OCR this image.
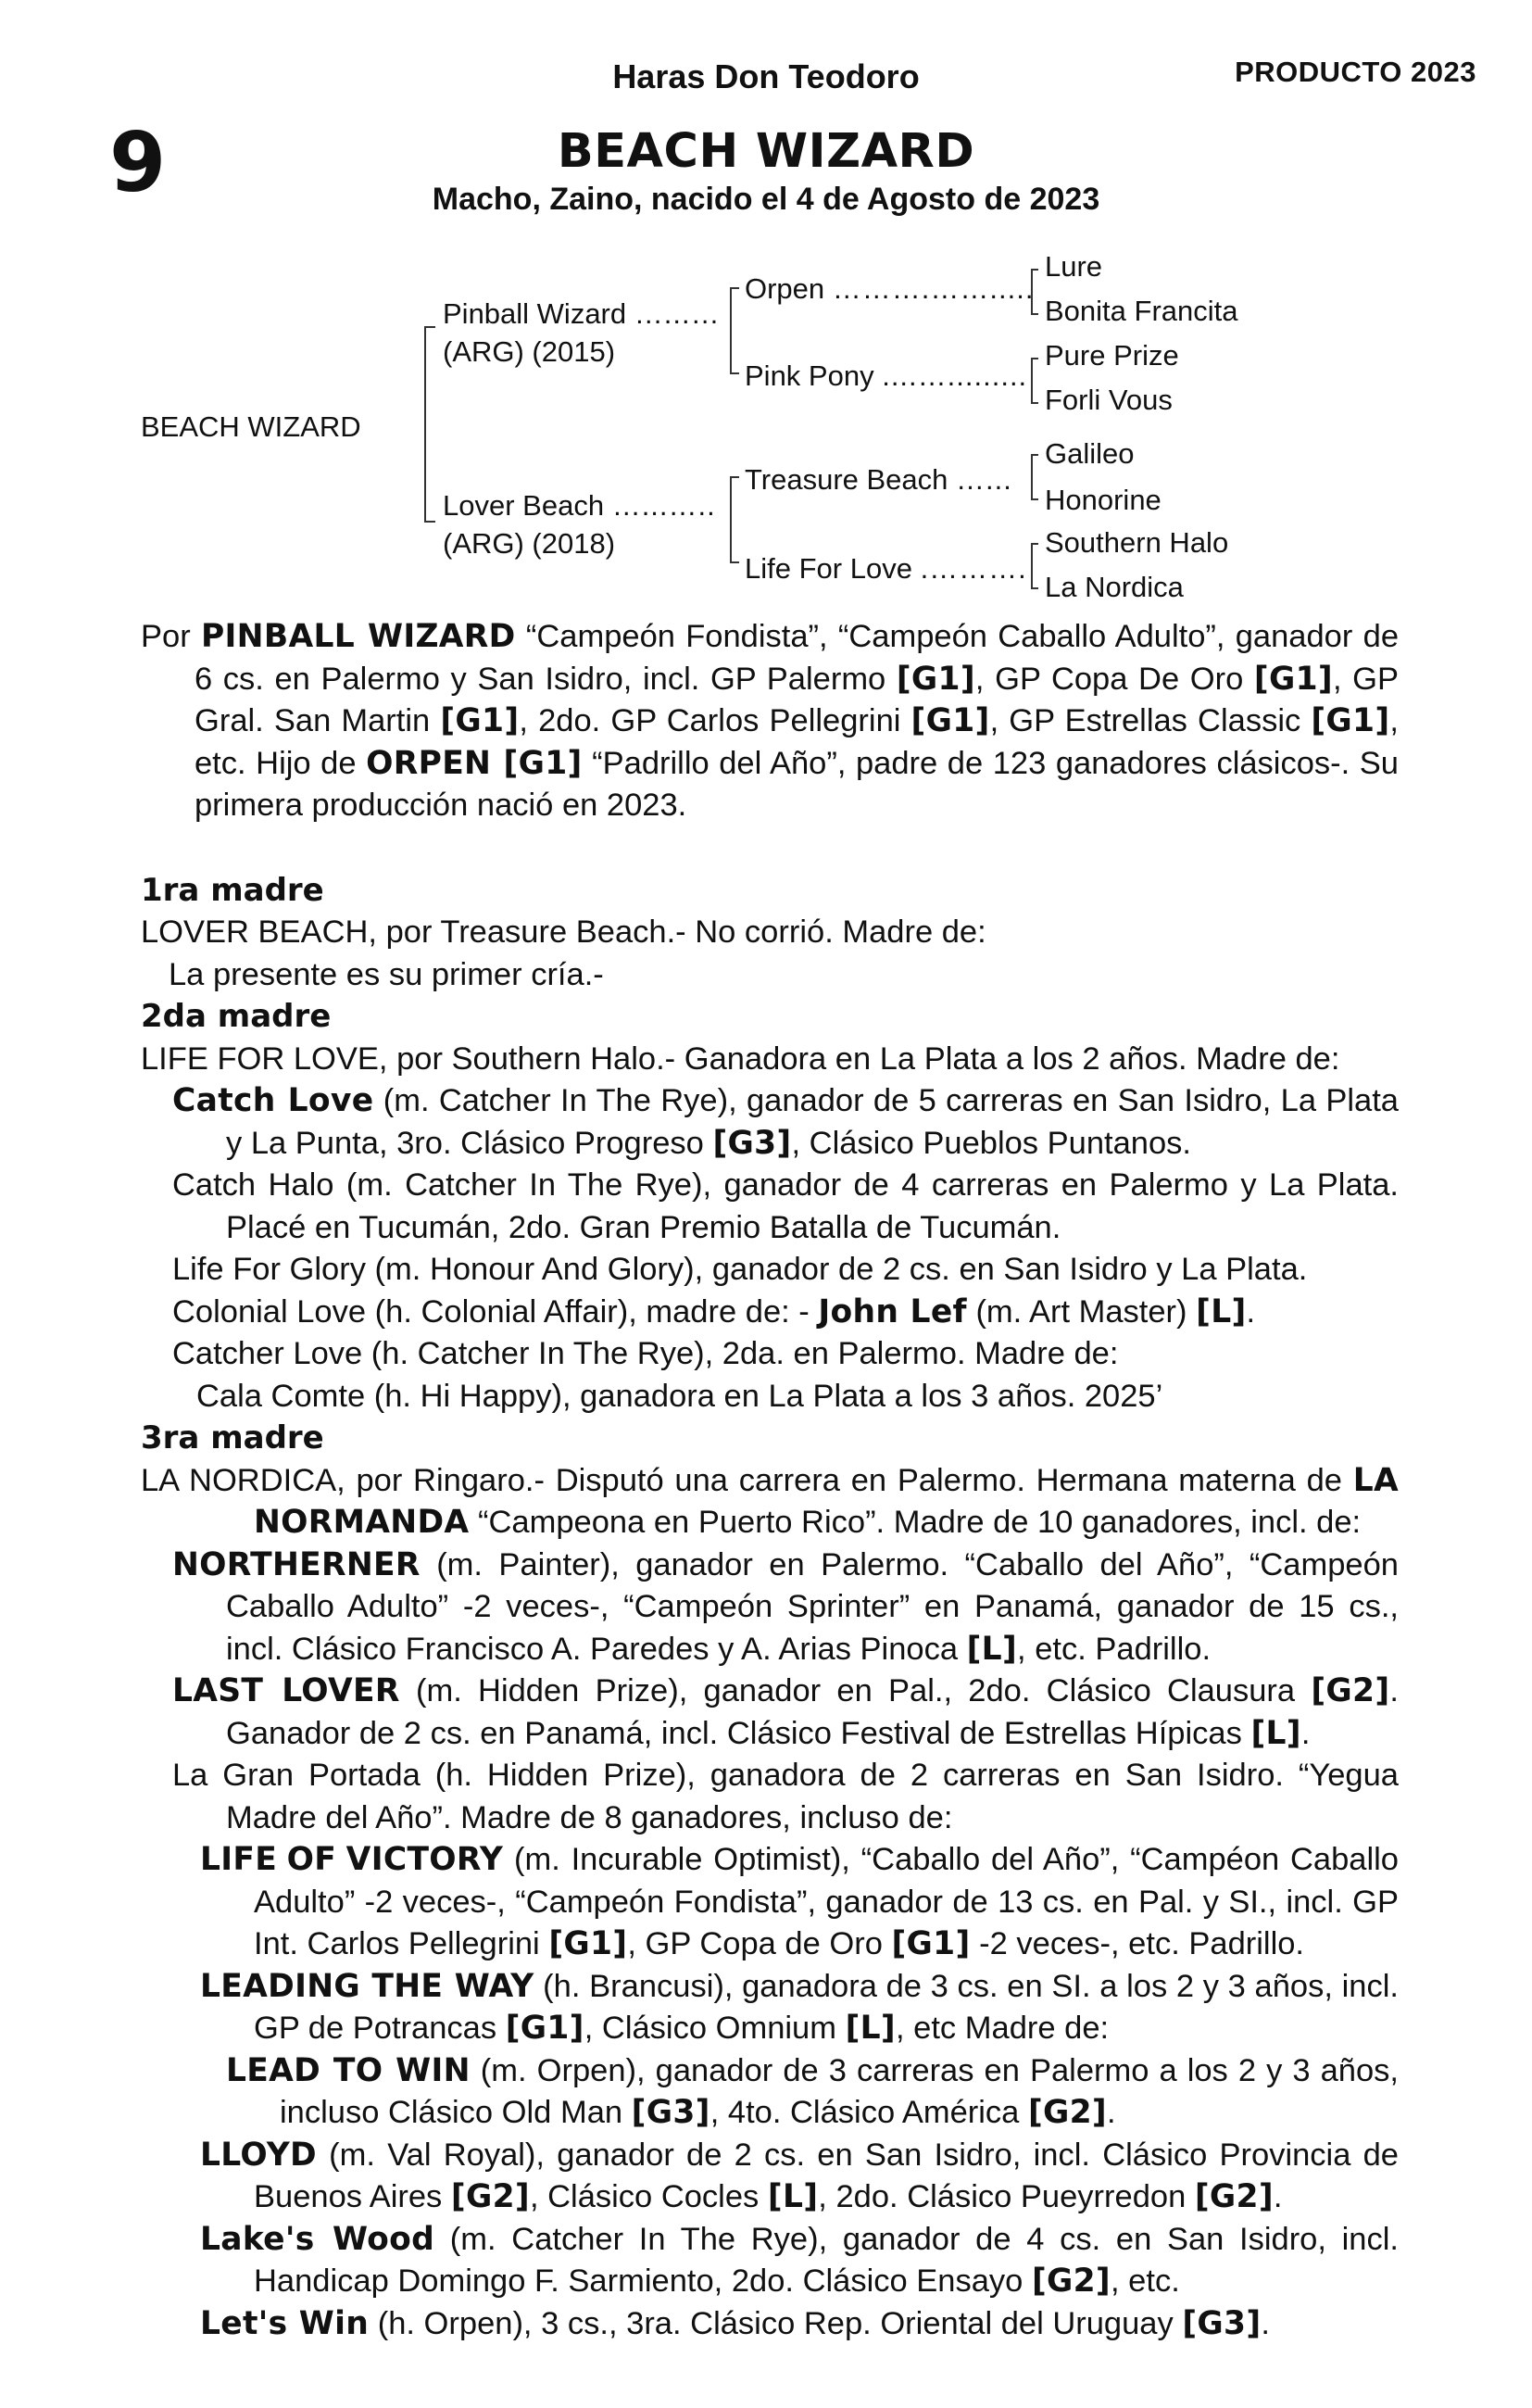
Haras Don Teodoro	PRODUCTO 2023
9	BEACH WIZARD
Macho, Zaino, nacido el 4 de Agosto de 2023
BEACH WIZARD
Pinball Wizard …...…
(ARG) (2015)
Lover Beach …...…..
(ARG) (2018)
Orpen ……….…….....
Pink Pony ....….........
Treasure Beach …...
Life For Love .……….
Lure
Bonita Francita
Pure Prize
Forli Vous
Galileo
Honorine
Southern Halo
La Nordica

Por PINBALL WIZARD “Campeón Fondista”, “Campeón Caballo Adulto”, ganador de 6 cs. en Palermo y San Isidro, incl. GP Palermo [G1], GP Copa De Oro [G1], GP Gral. San Martin [G1], 2do. GP Carlos Pellegrini [G1], GP Estrellas Classic [G1], etc. Hijo de ORPEN [G1] “Padrillo del Año”, padre de 123 ganadores clásicos-. Su primera producción nació en 2023.

1ra madre

LOVER BEACH, por Treasure Beach.- No corrió. Madre de:

La presente es su primer cría.-

2da madre

LIFE FOR LOVE, por Southern Halo.- Ganadora en La Plata a los 2 años. Madre de:

Catch Love (m. Catcher In The Rye), ganador de 5 carreras en San Isidro, La Plata y La Punta, 3ro. Clásico Progreso [G3], Clásico Pueblos Puntanos.

Catch Halo (m. Catcher In The Rye), ganador de 4 carreras en Palermo y La Plata. Placé en Tucumán, 2do. Gran Premio Batalla de Tucumán.

Life For Glory (m. Honour And Glory), ganador de 2 cs. en San Isidro y La Plata.

Colonial Love (h. Colonial Affair), madre de: - John Lef (m. Art Master) [L].

Catcher Love (h. Catcher In The Rye), 2da. en Palermo. Madre de:

Cala Comte (h. Hi Happy), ganadora en La Plata a los 3 años. 2025’

3ra madre

LA NORDICA, por Ringaro.- Disputó una carrera en Palermo. Hermana materna de LA NORMANDA “Campeona en Puerto Rico”. Madre de 10 ganadores, incl. de:

NORTHERNER (m. Painter), ganador en Palermo. “Caballo del Año”, “Campeón Caballo Adulto” -2 veces-, “Campeón Sprinter” en Panamá, ganador de 15 cs., incl. Clásico Francisco A. Paredes y A. Arias Pinoca [L], etc. Padrillo.

LAST LOVER (m. Hidden Prize), ganador en Pal., 2do. Clásico Clausura [G2]. Ganador de 2 cs. en Panamá, incl. Clásico Festival de Estrellas Hípicas [L].

La Gran Portada (h. Hidden Prize), ganadora de 2 carreras en San Isidro. “Yegua Madre del Año”. Madre de 8 ganadores, incluso de:

LIFE OF VICTORY (m. Incurable Optimist), “Caballo del Año”, “Campéon Caballo Adulto” -2 veces-, “Campeón Fondista”, ganador de 13 cs. en Pal. y SI., incl. GP Int. Carlos Pellegrini [G1], GP Copa de Oro [G1] -2 veces-, etc. Padrillo.

LEADING THE WAY (h. Brancusi), ganadora de 3 cs. en SI. a los 2 y 3 años, incl. GP de Potrancas [G1], Clásico Omnium [L], etc Madre de:

LEAD TO WIN (m. Orpen), ganador de 3 carreras en Palermo a los 2 y 3 años, incluso Clásico Old Man [G3], 4to. Clásico América [G2].

LLOYD (m. Val Royal), ganador de 2 cs. en San Isidro, incl. Clásico Provincia de Buenos Aires [G2], Clásico Cocles [L], 2do. Clásico Pueyrredon [G2].

Lake's Wood (m. Catcher In The Rye), ganador de 4 cs. en San Isidro, incl. Handicap Domingo F. Sarmiento, 2do. Clásico Ensayo [G2], etc.

Let's Win (h. Orpen), 3 cs., 3ra. Clásico Rep. Oriental del Uruguay [G3].
